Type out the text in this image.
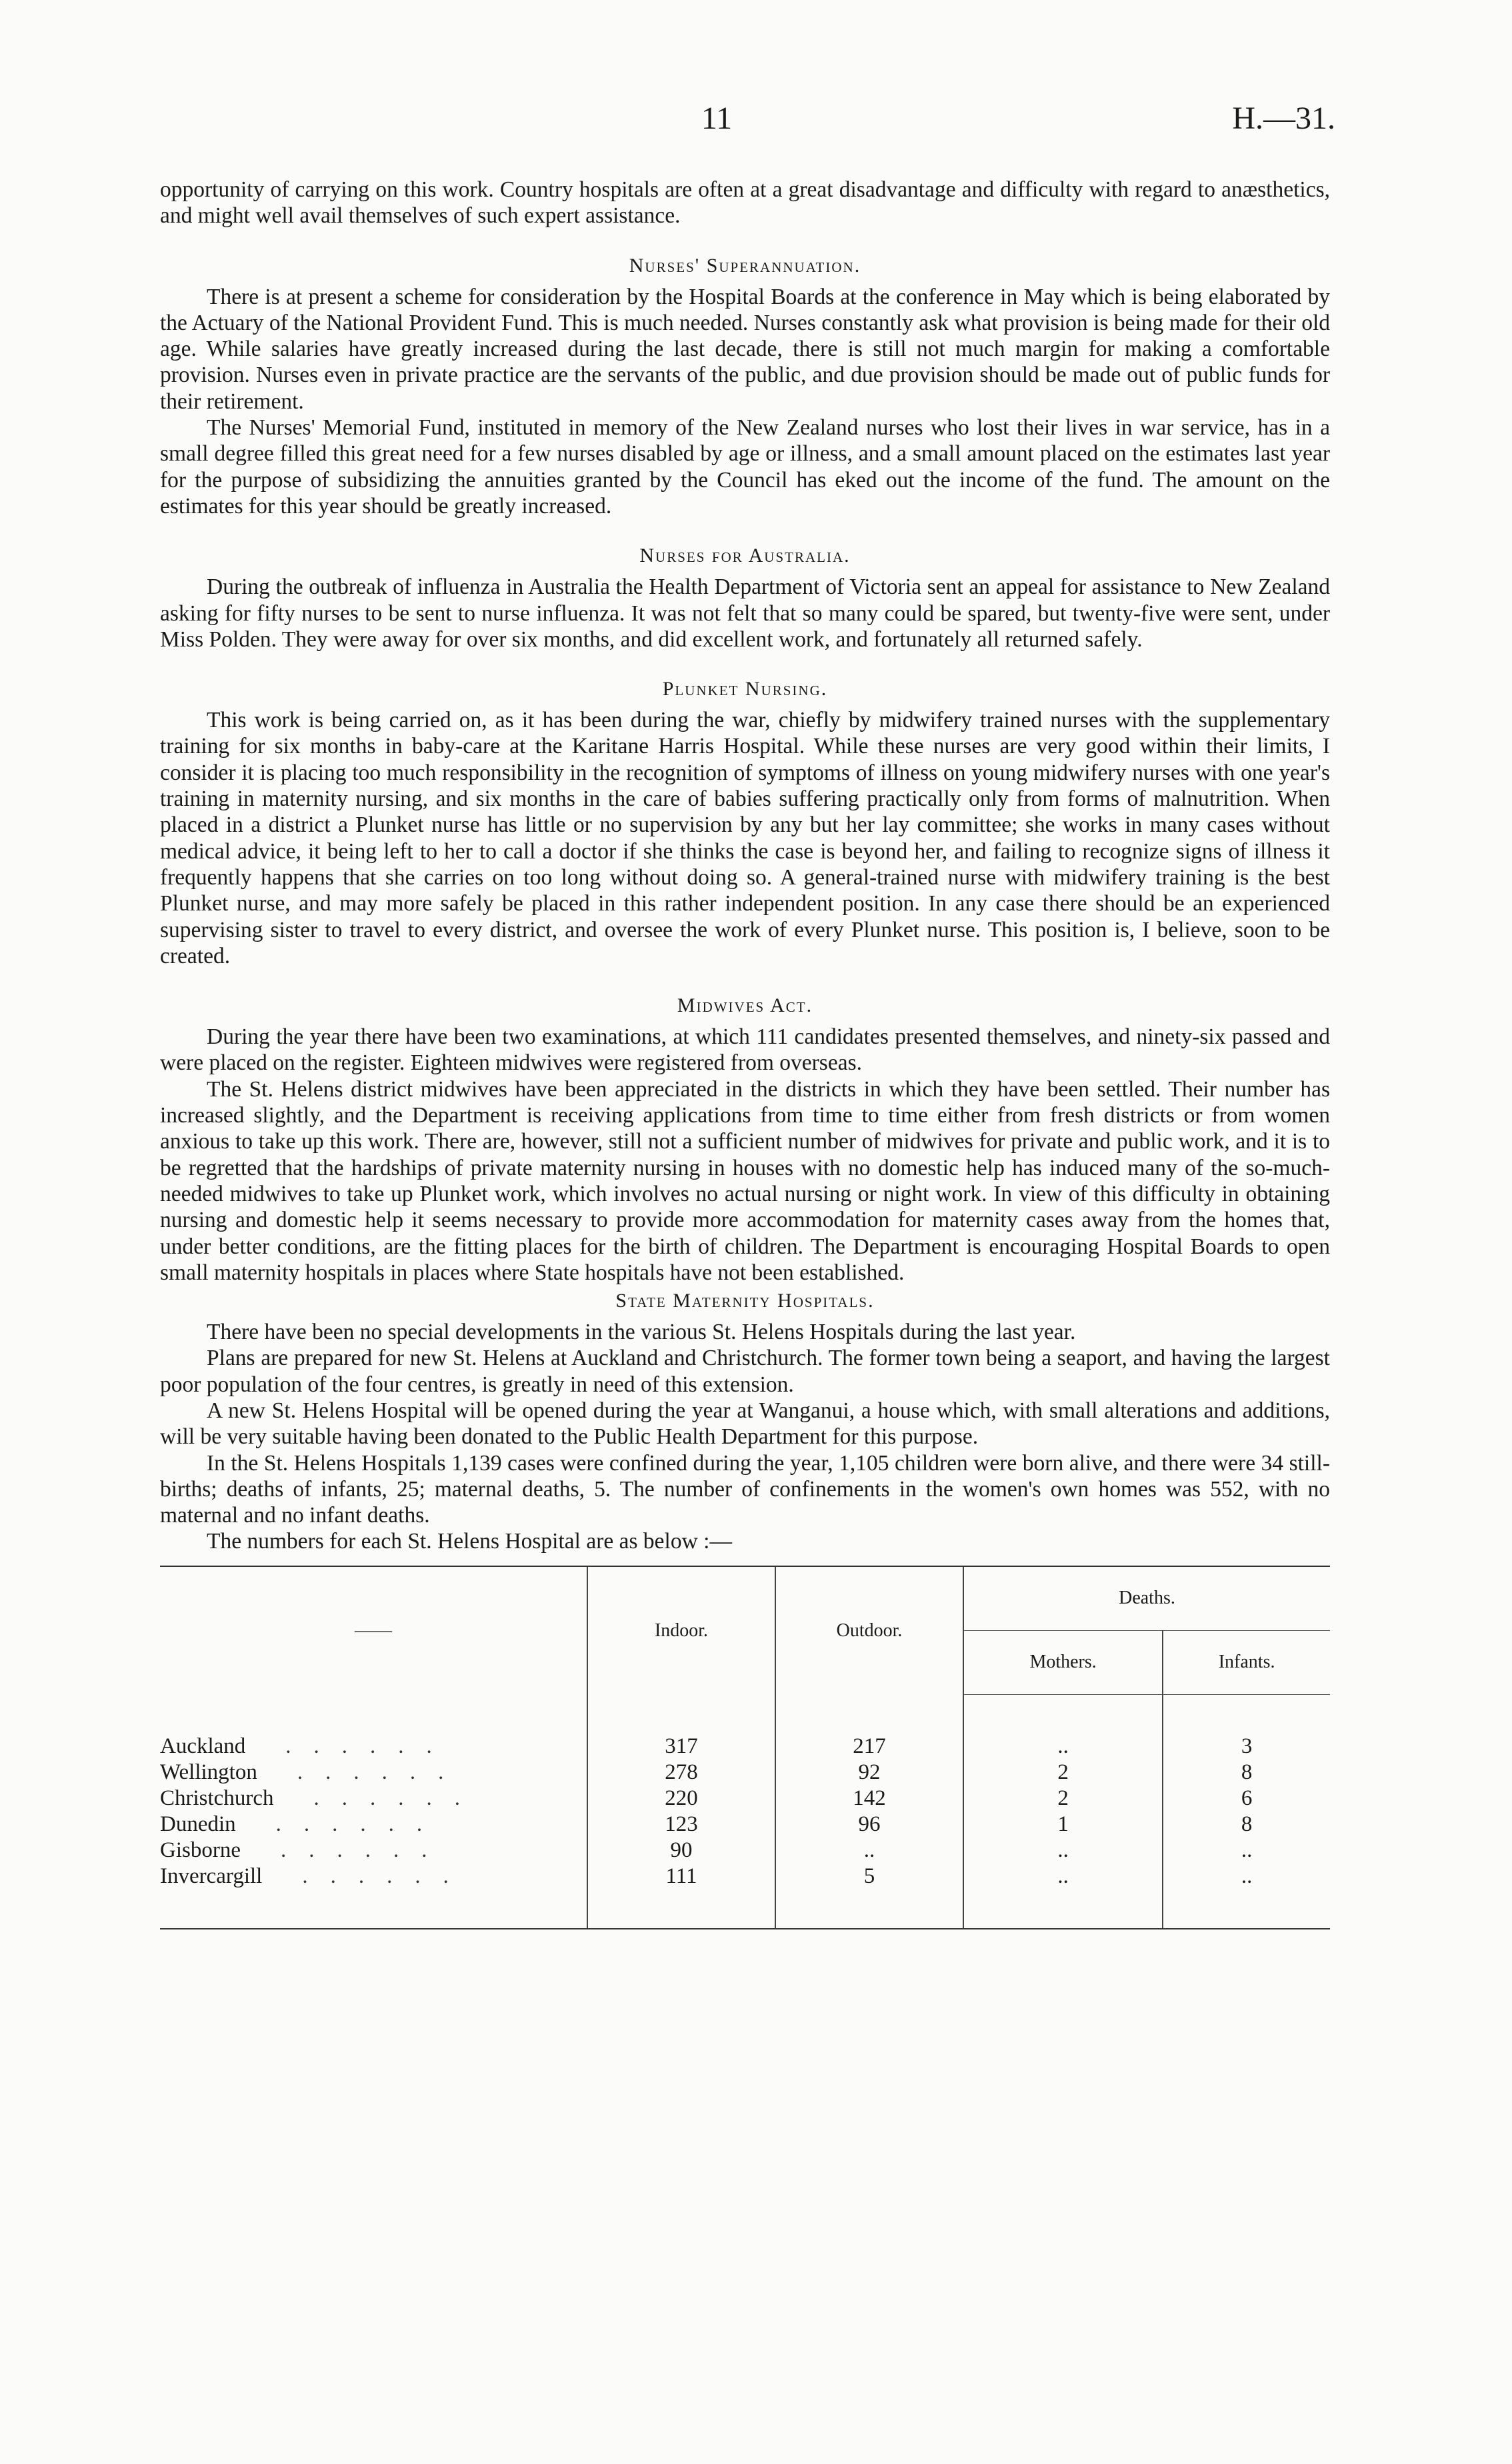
11	H.—31.

opportunity of carrying on this work. Country hospitals are often at a great disadvantage and difficulty with regard to anæsthetics, and might well avail themselves of such expert assistance.

Nurses' Superannuation.

There is at present a scheme for consideration by the Hospital Boards at the conference in May which is being elaborated by the Actuary of the National Provident Fund. This is much needed. Nurses constantly ask what provision is being made for their old age. While salaries have greatly increased during the last decade, there is still not much margin for making a comfortable provision. Nurses even in private practice are the servants of the public, and due provision should be made out of public funds for their retirement.

The Nurses' Memorial Fund, instituted in memory of the New Zealand nurses who lost their lives in war service, has in a small degree filled this great need for a few nurses disabled by age or illness, and a small amount placed on the estimates last year for the purpose of subsidizing the annuities granted by the Council has eked out the income of the fund. The amount on the estimates for this year should be greatly increased.

Nurses for Australia.

During the outbreak of influenza in Australia the Health Department of Victoria sent an appeal for assistance to New Zealand asking for fifty nurses to be sent to nurse influenza. It was not felt that so many could be spared, but twenty-five were sent, under Miss Polden. They were away for over six months, and did excellent work, and fortunately all returned safely.

Plunket Nursing.

This work is being carried on, as it has been during the war, chiefly by midwifery trained nurses with the supplementary training for six months in baby-care at the Karitane Harris Hospital. While these nurses are very good within their limits, I consider it is placing too much responsibility in the recognition of symptoms of illness on young midwifery nurses with one year's training in maternity nursing, and six months in the care of babies suffering practically only from forms of malnutrition. When placed in a district a Plunket nurse has little or no supervision by any but her lay committee; she works in many cases without medical advice, it being left to her to call a doctor if she thinks the case is beyond her, and failing to recognize signs of illness it frequently happens that she carries on too long without doing so. A general-trained nurse with midwifery training is the best Plunket nurse, and may more safely be placed in this rather independent position. In any case there should be an experienced supervising sister to travel to every district, and oversee the work of every Plunket nurse. This position is, I believe, soon to be created.

Midwives Act.

During the year there have been two examinations, at which 111 candidates presented themselves, and ninety-six passed and were placed on the register. Eighteen midwives were registered from overseas.

The St. Helens district midwives have been appreciated in the districts in which they have been settled. Their number has increased slightly, and the Department is receiving applications from time to time either from fresh districts or from women anxious to take up this work. There are, however, still not a sufficient number of midwives for private and public work, and it is to be regretted that the hardships of private maternity nursing in houses with no domestic help has induced many of the so-much-needed midwives to take up Plunket work, which involves no actual nursing or night work. In view of this difficulty in obtaining nursing and domestic help it seems necessary to provide more accommodation for maternity cases away from the homes that, under better conditions, are the fitting places for the birth of children. The Department is encouraging Hospital Boards to open small maternity hospitals in places where State hospitals have not been established.

State Maternity Hospitals.

There have been no special developments in the various St. Helens Hospitals during the last year.

Plans are prepared for new St. Helens at Auckland and Christchurch. The former town being a seaport, and having the largest poor population of the four centres, is greatly in need of this extension.

A new St. Helens Hospital will be opened during the year at Wanganui, a house which, with small alterations and additions, will be very suitable having been donated to the Public Health Department for this purpose.

In the St. Helens Hospitals 1,139 cases were confined during the year, 1,105 children were born alive, and there were 34 still-births; deaths of infants, 25; maternal deaths, 5. The number of confinements in the women's own homes was 552, with no maternal and no infant deaths.

The numbers for each St. Helens Hospital are as below :—

——	Indoor.	Outdoor.	Deaths.	
			Mothers.	Infants.

Auckland ......	317	217	..	3
Wellington ......	278	92	2	8
Christchurch ......	220	142	2	6
Dunedin ......	123	96	1	8
Gisborne ......	90	..	..	..
Invercargill ......	111	5	..	..
